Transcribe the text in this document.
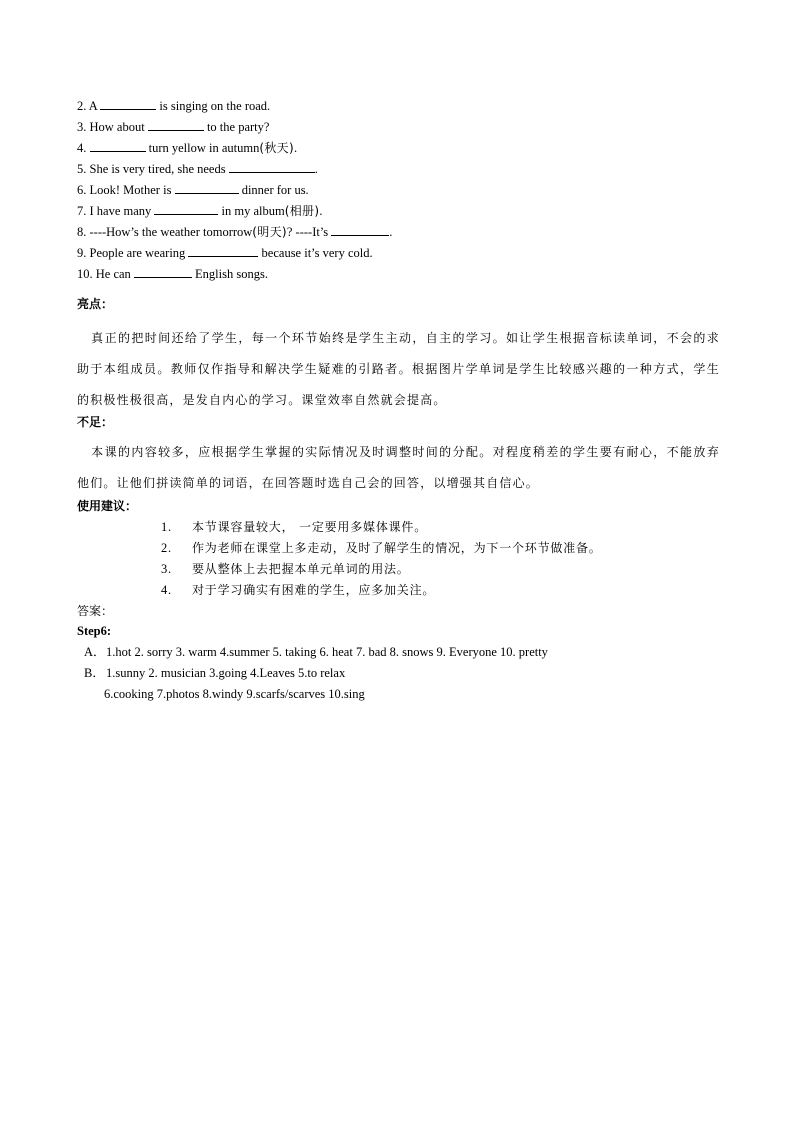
2. A	is singing on the road.
3. How about	to the party?
4.	turn yellow in autumn(秋天).
5. She is very tired, she needs	.
6. Look! Mother is	dinner for us.
7. I have many	in my album(相册).
8. ----How’s the weather tomorrow(明天)? ----It’s	.
9. People are wearing	because it’s very cold.
10. He can	English songs.
亮点：
真正的把时间还给了学生，每一个环节始终是学生主动，自主的学习。如让学生根据音标读单词，不会的求助于本组成员。教师仅作指导和解决学生疑难的引路者。根据图片学单词是学生比较感兴趣的一种方式，学生的积极性极很高，是发自内心的学习。课堂效率自然就会提高。
不足：
本课的内容较多，应根据学生掌握的实际情况及时调整时间的分配。对程度稍差的学生要有耐心，不能放弃他们。让他们拼读简单的词语，在回答题时选自己会的回答，以增强其自信心。
使用建议：
1. 本节课容量较大， 一定要用多媒体课件。
2. 作为老师在课堂上多走动，及时了解学生的情况，为下一个环节做准备。
3. 要从整体上去把握本单元单词的用法。
4. 对于学习确实有困难的学生，应多加关注。
答案：
Step6:
A．1.hot 2. sorry 3. warm 4.summer 5. taking 6. heat 7. bad 8. snows 9. Everyone 10. pretty
B．1.sunny 2. musician 3.going 4.Leaves 5.to relax
6.cooking 7.photos 8.windy 9.scarfs/scarves 10.sing
